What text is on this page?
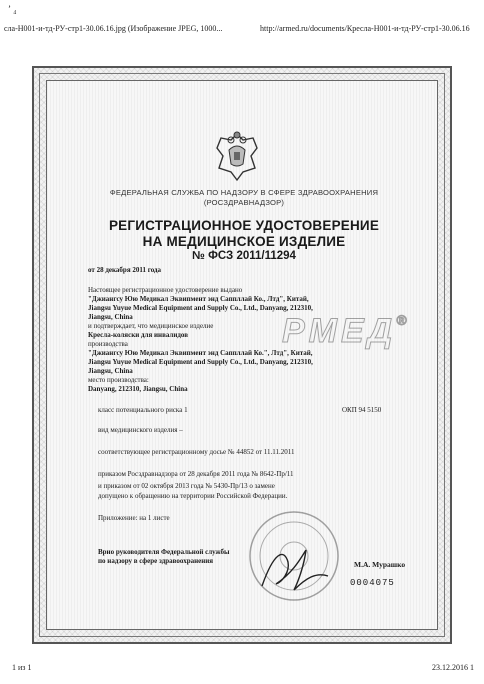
ʼ ₄
сла-Н001-и-тд-РУ-стр1-30.06.16.jpg (Изображение JPEG, 1000...	http://armed.ru/documents/Кресла-Н001-и-тд-РУ-стр1-30.06.16
ФЕДЕРАЛЬНАЯ СЛУЖБА ПО НАДЗОРУ В СФЕРЕ ЗДРАВООХРАНЕНИЯ
(РОСЗДРАВНАДЗОР)
РЕГИСТРАЦИОННОЕ УДОСТОВЕРЕНИЕ
НА МЕДИЦИНСКОЕ ИЗДЕЛИЕ
№ ФСЗ 2011/11294
от 28 декабря 2011 года
Настоящее регистрационное удостоверение выдано
"Джиангсу Юю Медикал Эквипмент энд Саппллай Ко., Лтд", Китай,
Jiangsu Yuyue Medical Equipment and Supply Co., Ltd., Danyang, 212310,
Jiangsu, China
и подтверждает, что медицинское изделие
Кресла-коляски для инвалидов
производства
"Джиангсу Юю Медикал Эквипмент энд Саппллай Ко.", Лтд", Китай,
Jiangsu Yuyue Medical Equipment and Supply Co., Ltd., Danyang, 212310,
Jiangsu, China
место производства:
Danyang, 212310, Jiangsu, China
РМЕД®
класс потенциального риска 1	ОКП 94 5150
вид медицинского изделия –
соответствующее регистрационному досье № 44852 от 11.11.2011
приказом Росздравнадзора от 28 декабря 2011 года № 8642-Пр/11
и приказом от 02 октября 2013 года № 5430-Пр/13 о замене
допущено к обращению на территории Российской Федерации.
Приложение: на 1 листе
Врио руководителя Федеральной службы
по надзору в сфере здравоохранения	М.А. Мурашко
0004075
1 из 1	23.12.2016 1
